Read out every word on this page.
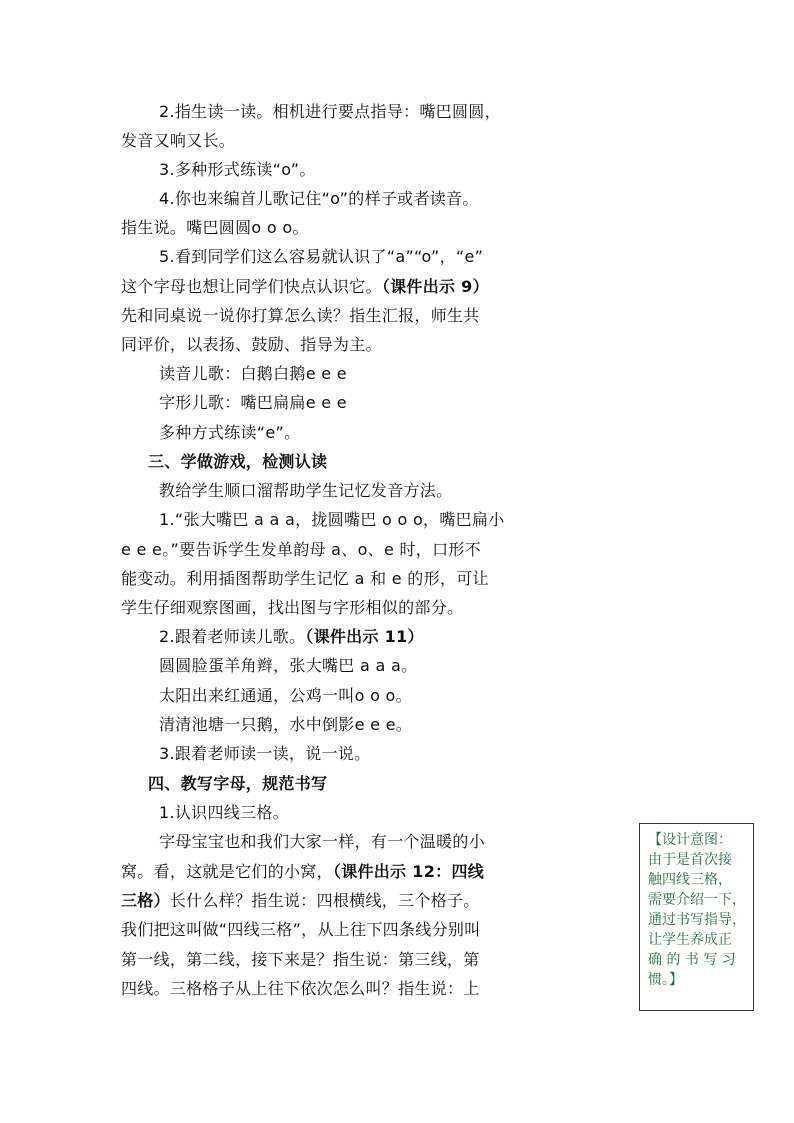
2.指生读一读。相机进行要点指导：嘴巴圆圆，
发音又响又长。
3.多种形式练读“o”。
4.你也来编首儿歌记住“o”的样子或者读音。
指生说。嘴巴圆圆o o o。
5.看到同学们这么容易就认识了“a”“o”，“e”
这个字母也想让同学们快点认识它。（课件出示 9）
先和同桌说一说你打算怎么读？指生汇报，师生共
同评价，以表扬、鼓励、指导为主。
读音儿歌：白鹅白鹅e e e
字形儿歌：嘴巴扁扁e e e
多种方式练读“e”。
三、学做游戏，检测认读
教给学生顺口溜帮助学生记忆发音方法。
1.“张大嘴巴 a a a，拢圆嘴巴 o o o，嘴巴扁小
e e e。”要告诉学生发单韵母 a、o、e 时，口形不
能变动。利用插图帮助学生记忆 a 和 e 的形，可让
学生仔细观察图画，找出图与字形相似的部分。
2.跟着老师读儿歌。（课件出示 11）
圆圆脸蛋羊角辫，张大嘴巴 a a a。
太阳出来红通通，公鸡一叫o o o。
清清池塘一只鹅，水中倒影e e e。
3.跟着老师读一读，说一说。
四、教写字母，规范书写
1.认识四线三格。
字母宝宝也和我们大家一样，有一个温暖的小
窝。看，这就是它们的小窝，（课件出示 12：四线
三格）长什么样？指生说：四根横线，三个格子。
我们把这叫做“四线三格”，从上往下四条线分别叫
第一线，第二线，接下来是？指生说：第三线，第
四线。三格格子从上往下依次怎么叫？指生说：上
【设计意图：
由于是首次接
触四线三格，
需要介绍一下，
通过书写指导，
让学生养成正
确 的 书 写 习
惯。】
